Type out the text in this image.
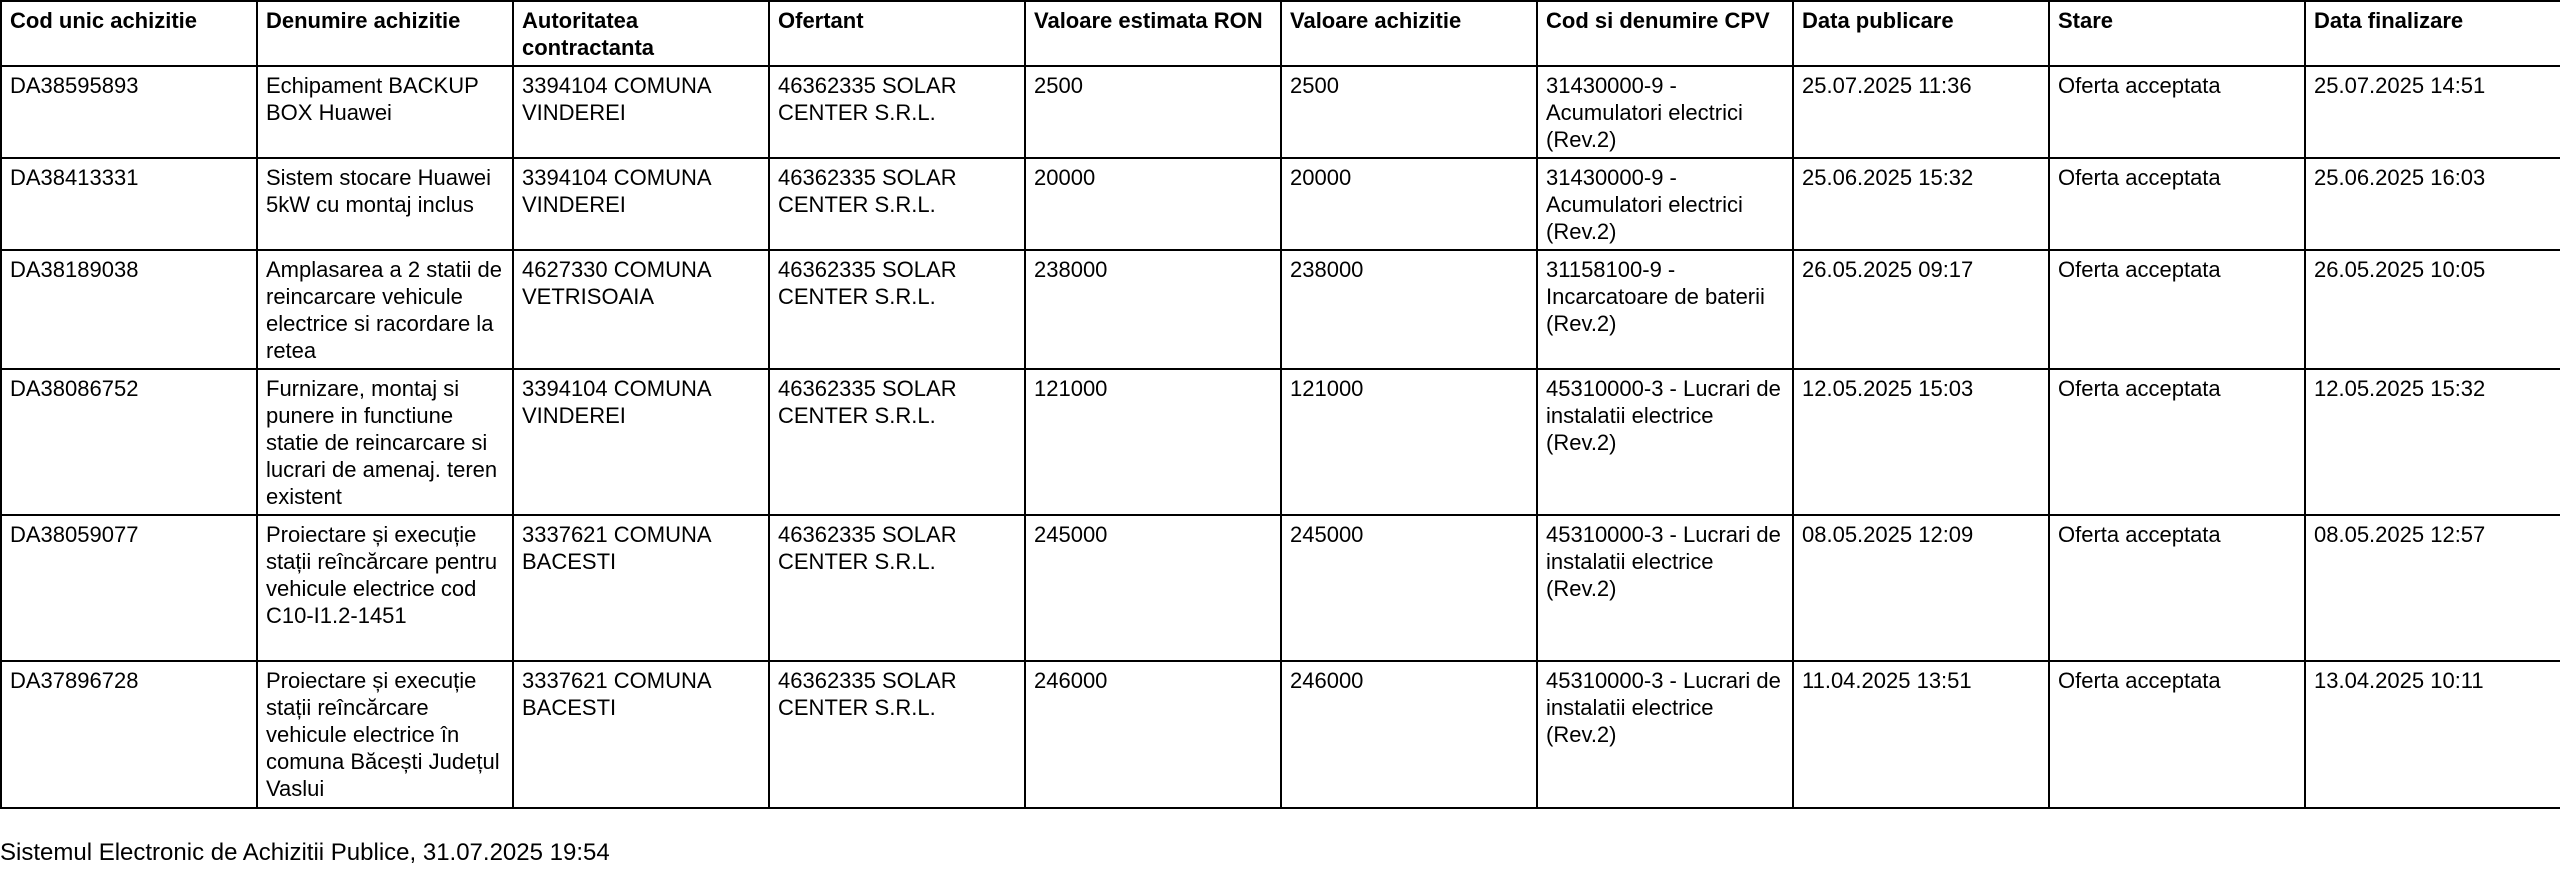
Cod unic achizitie	Denumire achizitie	Autoritatea contractanta	Ofertant	Valoare estimata RON	Valoare achizitie	Cod si denumire CPV	Data publicare	Stare	Data finalizare
DA38595893	Echipament BACKUP BOX Huawei	3394104 COMUNA VINDEREI	46362335 SOLAR CENTER S.R.L.	2500	2500	31430000-9 - Acumulatori electrici (Rev.2)	25.07.2025 11:36	Oferta acceptata	25.07.2025 14:51
DA38413331	Sistem stocare Huawei 5kW cu montaj inclus	3394104 COMUNA VINDEREI	46362335 SOLAR CENTER S.R.L.	20000	20000	31430000-9 - Acumulatori electrici (Rev.2)	25.06.2025 15:32	Oferta acceptata	25.06.2025 16:03
DA38189038	Amplasarea a 2 statii de reincarcare vehicule electrice si racordare la retea	4627330 COMUNA VETRISOAIA	46362335 SOLAR CENTER S.R.L.	238000	238000	31158100-9 - Incarcatoare de baterii (Rev.2)	26.05.2025 09:17	Oferta acceptata	26.05.2025 10:05
DA38086752	Furnizare, montaj si punere in functiune statie de reincarcare si lucrari de amenaj. teren existent	3394104 COMUNA VINDEREI	46362335 SOLAR CENTER S.R.L.	121000	121000	45310000-3 - Lucrari de instalatii electrice (Rev.2)	12.05.2025 15:03	Oferta acceptata	12.05.2025 15:32
DA38059077	Proiectare și execuție stații reîncărcare pentru vehicule electrice cod C10-I1.2-1451	3337621 COMUNA BACESTI	46362335 SOLAR CENTER S.R.L.	245000	245000	45310000-3 - Lucrari de instalatii electrice (Rev.2)	08.05.2025 12:09	Oferta acceptata	08.05.2025 12:57
DA37896728	Proiectare și execuție stații reîncărcare vehicule electrice în comuna Băcești Județul Vaslui	3337621 COMUNA BACESTI	46362335 SOLAR CENTER S.R.L.	246000	246000	45310000-3 - Lucrari de instalatii electrice (Rev.2)	11.04.2025 13:51	Oferta acceptata	13.04.2025 10:11
Sistemul Electronic de Achizitii Publice, 31.07.2025 19:54
